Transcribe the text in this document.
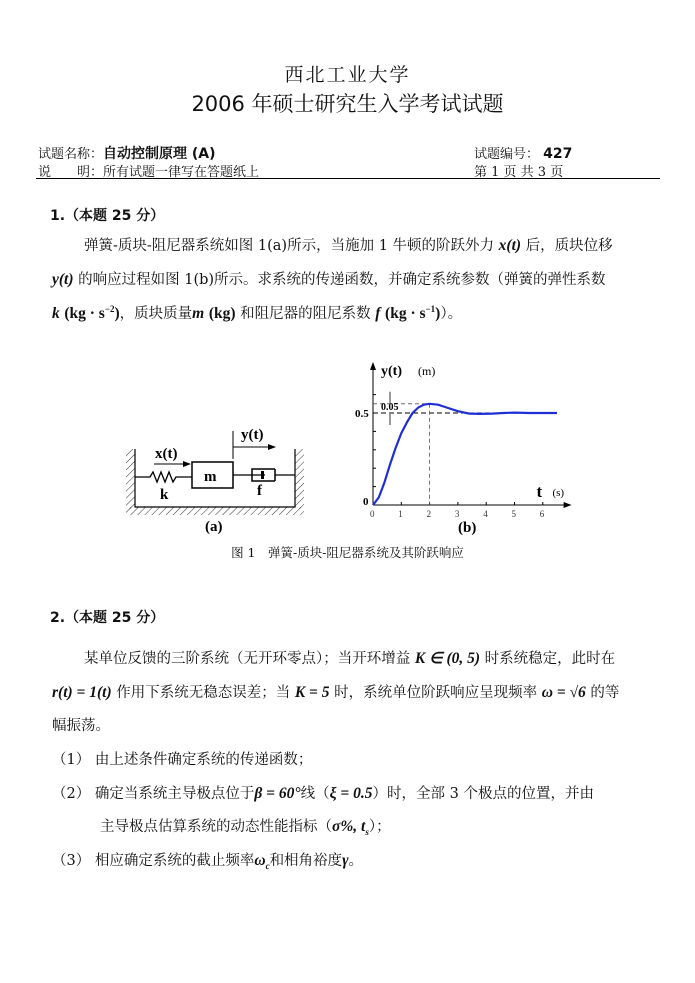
西北工业大学
2006 年硕士研究生入学考试试题
试题名称：自动控制原理 (A)	试题编号： 427
说　　明：所有试题一律写在答题纸上	第 1 页 共 3 页
1.（本题 25 分）
弹簧-质块-阻尼器系统如图 1(a)所示，当施加 1 牛顿的阶跃外力 x(t) 后，质块位移
y(t) 的响应过程如图 1(b)所示。求系统的传递函数，并确定系统参数（弹簧的弹性系数
k $(kg \cdot s^{-2})$，质块质量m (kg) 和阻尼器的阻尼系数 f $(kg \cdot s^{-1})$）。
x(t)
y(t)
m
k	f
(a)
0	1	2	3	4	5	6
0
0.5
y(t) (m)
t (s)
0.05
(b)
图 1　弹簧-质块-阻尼器系统及其阶跃响应
2.（本题 25 分）
某单位反馈的三阶系统（无开环零点）；当开环增益 K ∈ (0, 5) 时系统稳定，此时在
r(t) = 1(t) 作用下系统无稳态误差；当 K = 5 时，系统单位阶跃响应呈现频率 ω = √6 的等
幅振荡。
（1） 由上述条件确定系统的传递函数；
（2） 确定当系统主导极点位于β = 60°线（ξ = 0.5）时，全部 3 个极点的位置，并由
主导极点估算系统的动态性能指标（σ%, $t_s$）；
（3） 相应确定系统的截止频率$\omega_c$和相角裕度γ。
